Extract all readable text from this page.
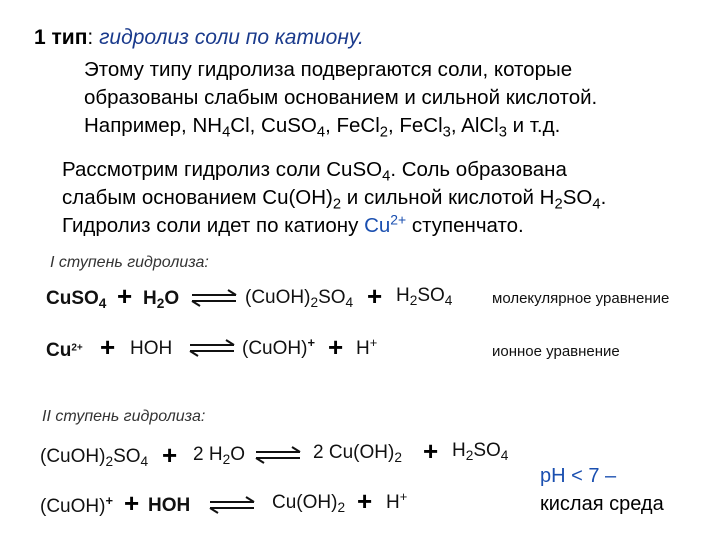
1 тип: гидролиз соли по катиону.
Этому типу гидролиза подвергаются соли, которые
образованы слабым основанием и сильной кислотой.
Например, $NH_4Cl$, CuSO$_4$, FeCl$_2$, FeCl$_3$, AlCl$_3$ и т.д.
Рассмотрим гидролиз соли CuSO$_4$. Соль образована
слабым основанием $Cu(OH)_2$ и сильной кислотой $H_2SO_4$.
Гидролиз соли идет по катиону $Cu^{2+}$ ступенчато.
I ступень гидролиза:
CuSO$_4$ + $H_2O$ ⇌ $(CuOH)_2SO_4 + H_2SO_4$	молекулярное уравнение
$Cu^{2+}$ + HOH ⇌ (CuOH)+ + H+
ионное уравнение
II ступень гидролиза:
$(CuOH)_2SO_4 + 2$ $H_2O$ ⇌ 2 $Cu(OH)_2 + H_2SO_4$
(CuOH)+ + HOH ⇌ $Cu(OH)_2 + H^+$
pH < 7 –
кислая среда
